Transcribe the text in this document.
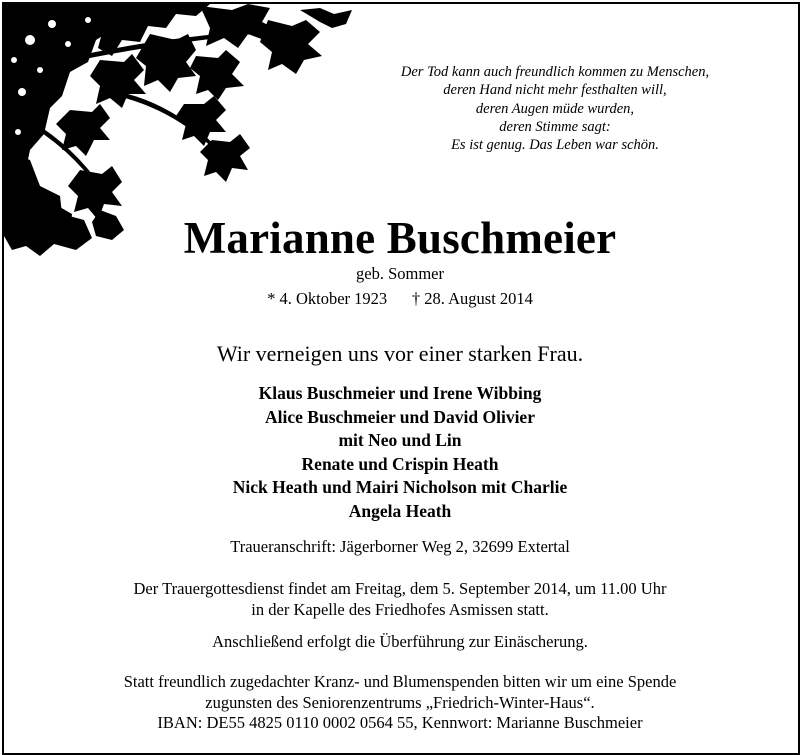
Der Tod kann auch freundlich kommen zu Menschen,
deren Hand nicht mehr festhalten will,
deren Augen müde wurden,
deren Stimme sagt:
Es ist genug. Das Leben war schön.
Marianne Buschmeier
geb. Sommer
* 4. Oktober 1923 † 28. August 2014
Wir verneigen uns vor einer starken Frau.
Klaus Buschmeier und Irene Wibbing
Alice Buschmeier und David Olivier
mit Neo und Lin
Renate und Crispin Heath
Nick Heath und Mairi Nicholson mit Charlie
Angela Heath
Traueranschrift: Jägerborner Weg 2, 32699 Extertal
Der Trauergottesdienst findet am Freitag, dem 5. September 2014, um 11.00 Uhr
in der Kapelle des Friedhofes Asmissen statt.
Anschließend erfolgt die Überführung zur Einäscherung.
Statt freundlich zugedachter Kranz- und Blumenspenden bitten wir um eine Spende
zugunsten des Seniorenzentrums „Friedrich-Winter-Haus“.
IBAN: DE55 4825 0110 0002 0564 55, Kennwort: Marianne Buschmeier
